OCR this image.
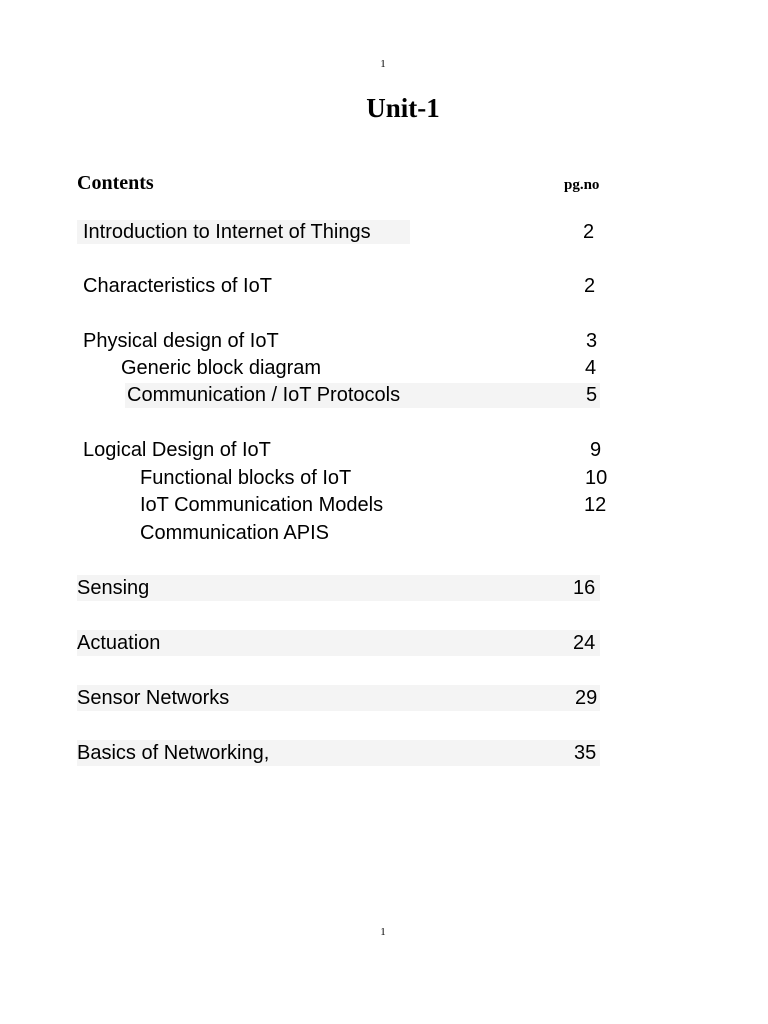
1
Unit-1
Contents	pg.no
Introduction to Internet of Things	2
Characteristics of IoT	2
Physical design of IoT	3
Generic block diagram	4
Communication / IoT Protocols	5
Logical Design of IoT	9
Functional blocks of IoT	10
IoT Communication Models	12
Communication APIS
Sensing	16
Actuation	24
Sensor Networks	29
Basics of Networking,	35
1
